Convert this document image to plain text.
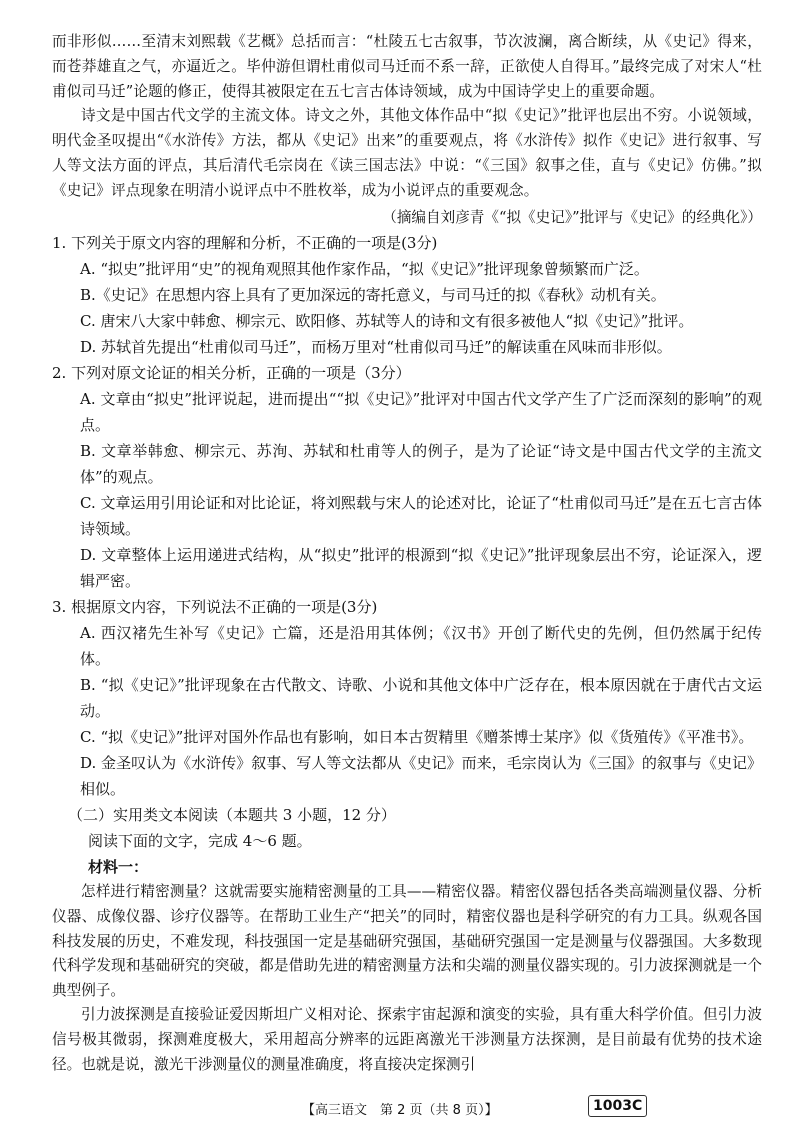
而非形似……至清末刘熙载《艺概》总括而言：“杜陵五七古叙事，节次波澜，离合断续，从《史记》得来，而苍莽雄直之气，亦逼近之。毕仲游但谓杜甫似司马迁而不系一辞，正欲使人自得耳。”最终完成了对宋人“杜甫似司马迁”论题的修正，使得其被限定在五七言古体诗领域，成为中国诗学史上的重要命题。

诗文是中国古代文学的主流文体。诗文之外，其他文体作品中“拟《史记》”批评也层出不穷。小说领域，明代金圣叹提出“《水浒传》方法，都从《史记》出来”的重要观点，将《水浒传》拟作《史记》进行叙事、写人等文法方面的评点，其后清代毛宗岗在《读三国志法》中说：“《三国》叙事之佳，直与《史记》仿佛。”拟《史记》评点现象在明清小说评点中不胜枚举，成为小说评点的重要观念。

（摘编自刘彦青《“拟《史记》”批评与《史记》的经典化》）

1. 下列关于原文内容的理解和分析，不正确的一项是(3分)

A. “拟史”批评用“史”的视角观照其他作家作品，“拟《史记》”批评现象曾频繁而广泛。

B.《史记》在思想内容上具有了更加深远的寄托意义，与司马迁的拟《春秋》动机有关。

C. 唐宋八大家中韩愈、柳宗元、欧阳修、苏轼等人的诗和文有很多被他人“拟《史记》”批评。

D. 苏轼首先提出“杜甫似司马迁”，而杨万里对“杜甫似司马迁”的解读重在风味而非形似。

2. 下列对原文论证的相关分析，正确的一项是（3分）

A. 文章由“拟史”批评说起，进而提出““拟《史记》”批评对中国古代文学产生了广泛而深刻的影响”的观点。

B. 文章举韩愈、柳宗元、苏洵、苏轼和杜甫等人的例子，是为了论证“诗文是中国古代文学的主流文体”的观点。

C. 文章运用引用论证和对比论证，将刘熙载与宋人的论述对比，论证了“杜甫似司马迁”是在五七言古体诗领域。

D. 文章整体上运用递进式结构，从“拟史”批评的根源到“拟《史记》”批评现象层出不穷，论证深入，逻辑严密。

3. 根据原文内容，下列说法不正确的一项是(3分)

A. 西汉褚先生补写《史记》亡篇，还是沿用其体例；《汉书》开创了断代史的先例，但仍然属于纪传体。

B. “拟《史记》”批评现象在古代散文、诗歌、小说和其他文体中广泛存在，根本原因就在于唐代古文运动。

C. “拟《史记》”批评对国外作品也有影响，如日本古贺精里《赠茶博士某序》似《货殖传》《平准书》。

D. 金圣叹认为《水浒传》叙事、写人等文法都从《史记》而来，毛宗岗认为《三国》的叙事与《史记》相似。

（二）实用类文本阅读（本题共 3 小题，12 分）

阅读下面的文字，完成 4～6 题。

材料一：

怎样进行精密测量？这就需要实施精密测量的工具——精密仪器。精密仪器包括各类高端测量仪器、分析仪器、成像仪器、诊疗仪器等。在帮助工业生产“把关”的同时，精密仪器也是科学研究的有力工具。纵观各国科技发展的历史，不难发现，科技强国一定是基础研究强国，基础研究强国一定是测量与仪器强国。大多数现代科学发现和基础研究的突破，都是借助先进的精密测量方法和尖端的测量仪器实现的。引力波探测就是一个典型例子。

引力波探测是直接验证爱因斯坦广义相对论、探索宇宙起源和演变的实验，具有重大科学价值。但引力波信号极其微弱，探测难度极大，采用超高分辨率的远距离激光干涉测量方法探测，是目前最有优势的技术途径。也就是说，激光干涉测量仪的测量准确度，将直接决定探测引

【高三语文　第 2 页（共 8 页）】	1003C
